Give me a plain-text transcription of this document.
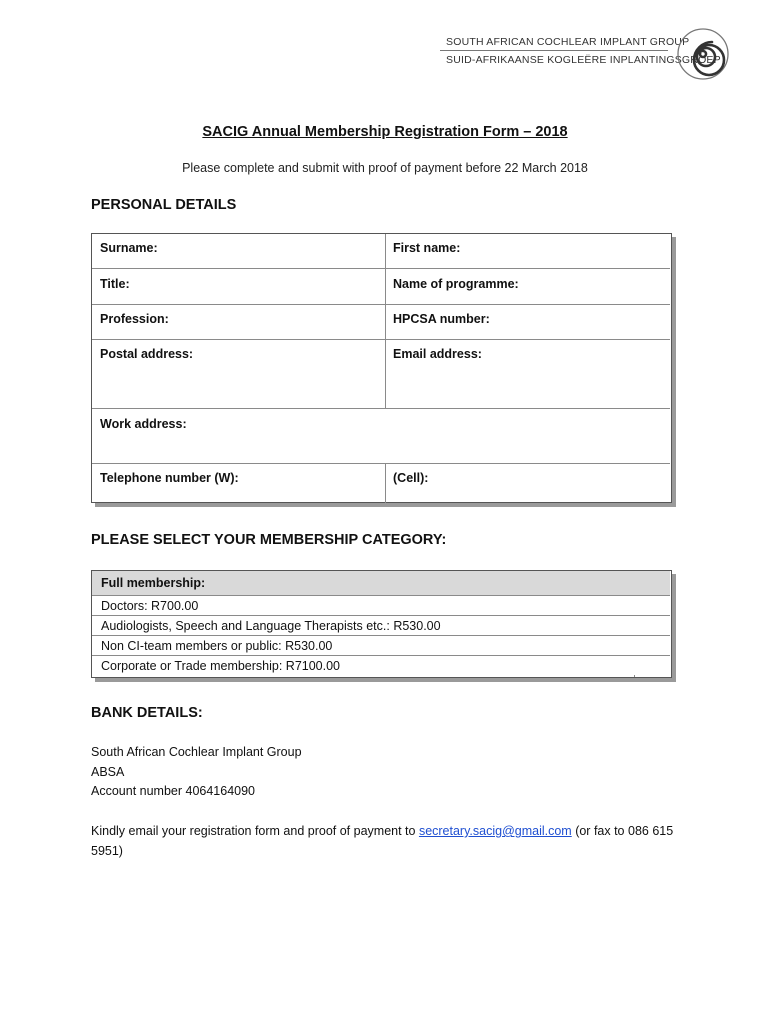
SOUTH AFRICAN COCHLEAR IMPLANT GROUP
SUID-AFRIKAANSE KOGLEËRE INPLANTINGSGROEP
SACIG Annual Membership Registration Form – 2018
Please complete and submit with proof of payment before 22 March 2018
PERSONAL DETAILS
Surname:	First name:
Title:	Name of programme:
Profession:	HPCSA number:
Postal address:	Email address:
Work address:
Telephone number (W):	(Cell):
PLEASE SELECT YOUR MEMBERSHIP CATEGORY:
Full membership:
Doctors: R700.00
Audiologists, Speech and Language Therapists etc.: R530.00
Non CI-team members or public: R530.00
Corporate or Trade membership: R7100.00
BANK DETAILS:
South African Cochlear Implant Group
ABSA
Account number 4064164090
Kindly email your registration form and proof of payment to secretary.sacig@gmail.com (or fax to 086 615 5951)
